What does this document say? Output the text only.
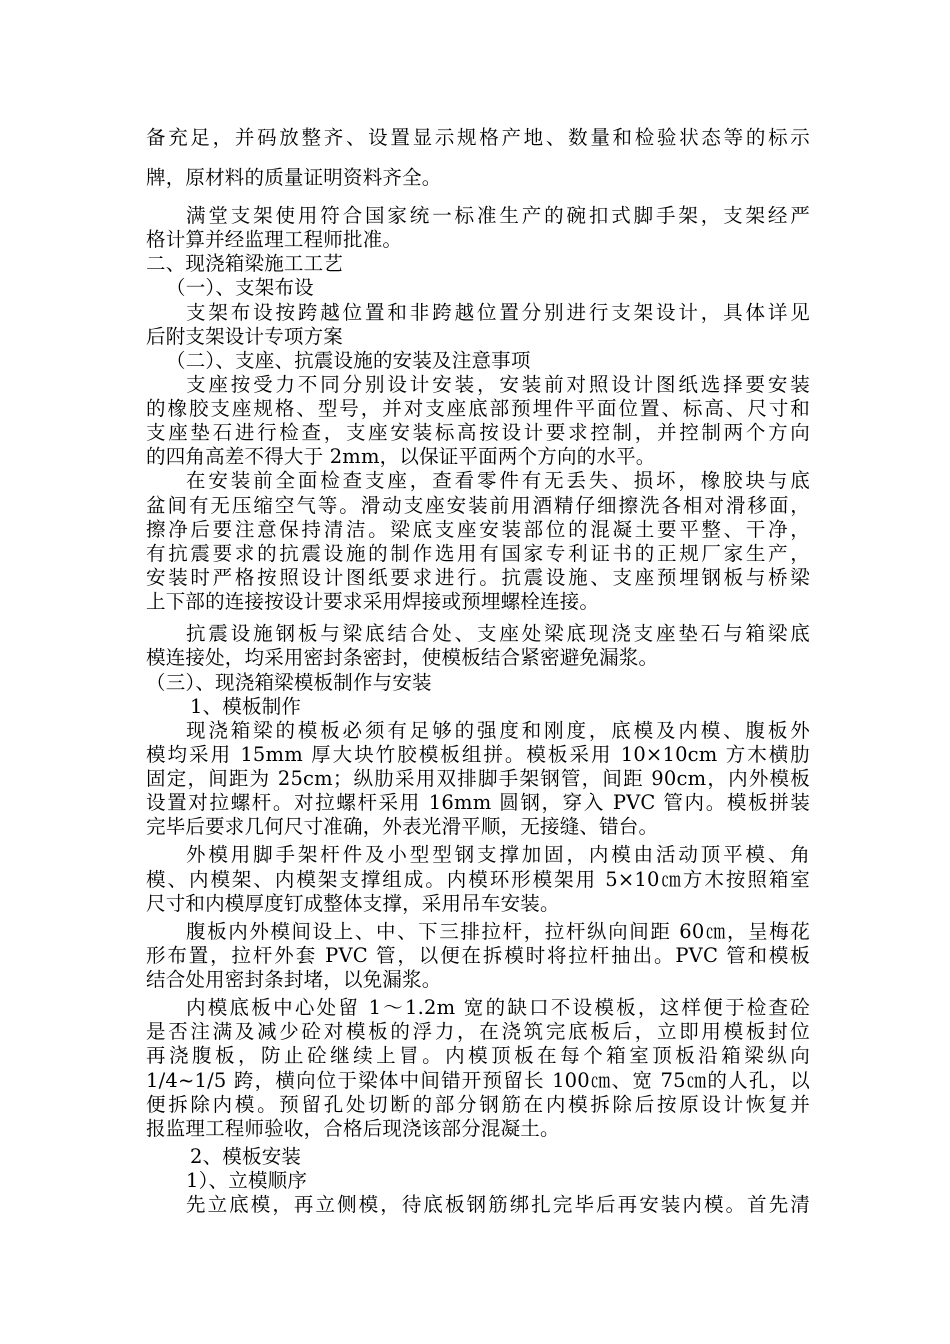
备充足，并码放整齐、设置显示规格产地、数量和检验状态等的标示
牌，原材料的质量证明资料齐全。
满堂支架使用符合国家统一标准生产的碗扣式脚手架，支架经严
格计算并经监理工程师批准。
二、现浇箱梁施工工艺
（一）、支架布设
支架布设按跨越位置和非跨越位置分别进行支架设计，具体详见
后附支架设计专项方案
（二）、支座、抗震设施的安装及注意事项
支座按受力不同分别设计安装，安装前对照设计图纸选择要安装
的橡胶支座规格、型号，并对支座底部预埋件平面位置、标高、尺寸和
支座垫石进行检查，支座安装标高按设计要求控制，并控制两个方向
的四角高差不得大于 2mm，以保证平面两个方向的水平。
在安装前全面检查支座，查看零件有无丢失、损坏，橡胶块与底
盆间有无压缩空气等。滑动支座安装前用酒精仔细擦洗各相对滑移面，
擦净后要注意保持清洁。梁底支座安装部位的混凝土要平整、干净，
有抗震要求的抗震设施的制作选用有国家专利证书的正规厂家生产，
安装时严格按照设计图纸要求进行。抗震设施、支座预埋钢板与桥梁
上下部的连接按设计要求采用焊接或预埋螺栓连接。
抗震设施钢板与梁底结合处、支座处梁底现浇支座垫石与箱梁底
模连接处，均采用密封条密封，使模板结合紧密避免漏浆。
（三）、现浇箱梁模板制作与安装
1、模板制作
现浇箱梁的模板必须有足够的强度和刚度，底模及内模、腹板外
模均采用 15mm 厚大块竹胶模板组拼。模板采用 10×10cm 方木横肋
固定，间距为 25cm；纵肋采用双排脚手架钢管，间距 90cm，内外模板
设置对拉螺杆。对拉螺杆采用 16mm 圆钢，穿入 PVC 管内。模板拼装
完毕后要求几何尺寸准确，外表光滑平顺，无接缝、错台。
外模用脚手架杆件及小型型钢支撑加固，内模由活动顶平模、角
模、内模架、内模架支撑组成。内模环形模架用 5×10㎝方木按照箱室
尺寸和内模厚度钉成整体支撑，采用吊车安装。
腹板内外模间设上、中、下三排拉杆，拉杆纵向间距 60㎝，呈梅花
形布置，拉杆外套 PVC 管，以便在拆模时将拉杆抽出。PVC 管和模板
结合处用密封条封堵，以免漏浆。
内模底板中心处留 1～1.2m 宽的缺口不设模板，这样便于检查砼
是否注满及减少砼对模板的浮力，在浇筑完底板后，立即用模板封位
再浇腹板，防止砼继续上冒。内模顶板在每个箱室顶板沿箱梁纵向
1/4~1/5 跨，横向位于梁体中间错开预留长 100㎝、宽 75㎝的人孔，以
便拆除内模。预留孔处切断的部分钢筋在内模拆除后按原设计恢复并
报监理工程师验收，合格后现浇该部分混凝土。
2、模板安装
1）、立模顺序
先立底模，再立侧模，待底板钢筋绑扎完毕后再安装内模。首先清
